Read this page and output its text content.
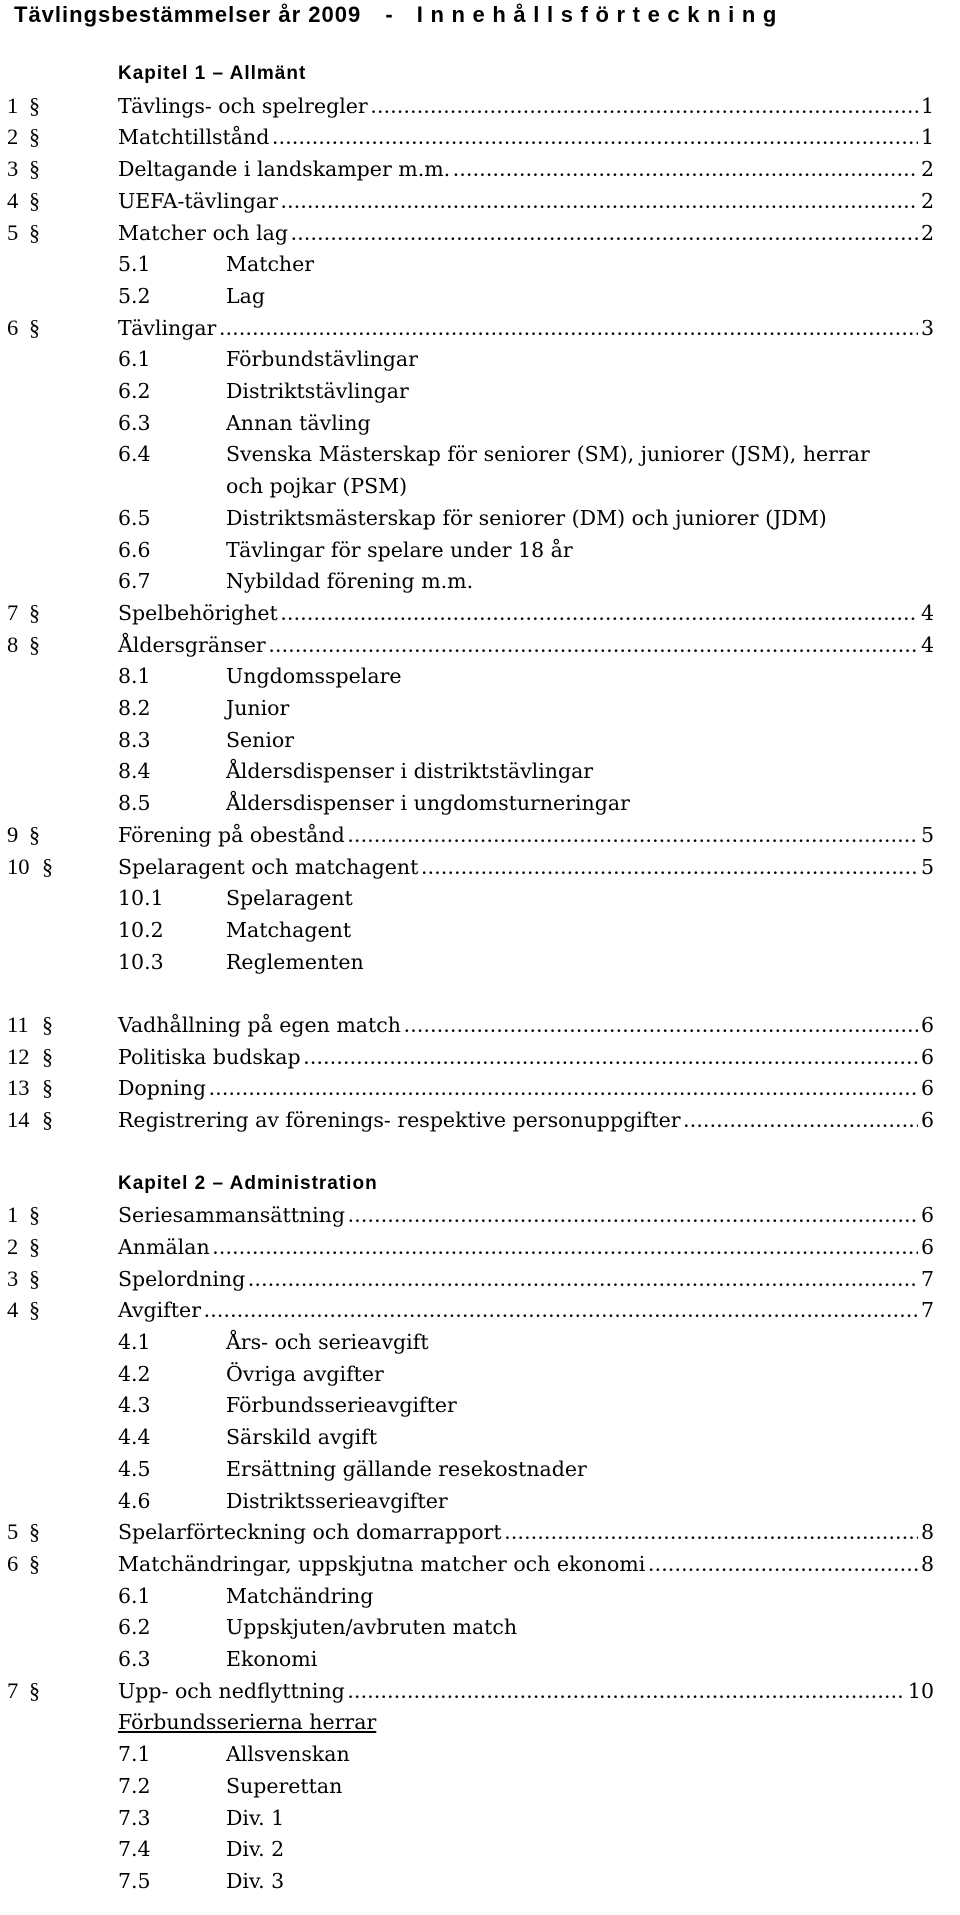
Tävlingsbestämmelser år 2009 - Innehållsförteckning
Kapitel 1 – Allmänt
1 §	Tävlings- och spelregler .....	1
2 §	Matchtillstånd .....	1
3 §	Deltagande i landskamper m.m. .....	2
4 §	UEFA-tävlingar .....	2
5 §	Matcher och lag .....	2
5.1	Matcher
5.2	Lag
6 §	Tävlingar .....	3
6.1	Förbundstävlingar
6.2	Distriktstävlingar
6.3	Annan tävling
6.4	Svenska Mästerskap för seniorer (SM), juniorer (JSM), herrar
och pojkar (PSM)
6.5	Distriktsmästerskap för seniorer (DM) och juniorer (JDM)
6.6	Tävlingar för spelare under 18 år
6.7	Nybildad förening m.m.
7 §	Spelbehörighet .....	4
8 §	Åldersgränser .....	4
8.1	Ungdomsspelare
8.2	Junior
8.3	Senior
8.4	Åldersdispenser i distriktstävlingar
8.5	Åldersdispenser i ungdomsturneringar
9 §	Förening på obestånd .....	5
10 §	Spelaragent och matchagent .....	5
10.1	Spelaragent
10.2	Matchagent
10.3	Reglementen
11 §	Vadhållning på egen match .....	6
12 §	Politiska budskap .....	6
13 §	Dopning .....	6
14 §	Registrering av förenings- respektive personuppgifter .....	6
Kapitel 2 – Administration
1 §	Seriesammansättning .....	6
2 §	Anmälan .....	6
3 §	Spelordning .....	7
4 §	Avgifter .....	7
4.1	Års- och serieavgift
4.2	Övriga avgifter
4.3	Förbundsserieavgifter
4.4	Särskild avgift
4.5	Ersättning gällande resekostnader
4.6	Distriktsserieavgifter
5 §	Spelarförteckning och domarrapport .....	8
6 §	Matchändringar, uppskjutna matcher och ekonomi .....	8
6.1	Matchändring
6.2	Uppskjuten/avbruten match
6.3	Ekonomi
7 §	Upp- och nedflyttning .....	10
Förbundsserierna herrar
7.1	Allsvenskan
7.2	Superettan
7.3	Div. 1
7.4	Div. 2
7.5	Div. 3
